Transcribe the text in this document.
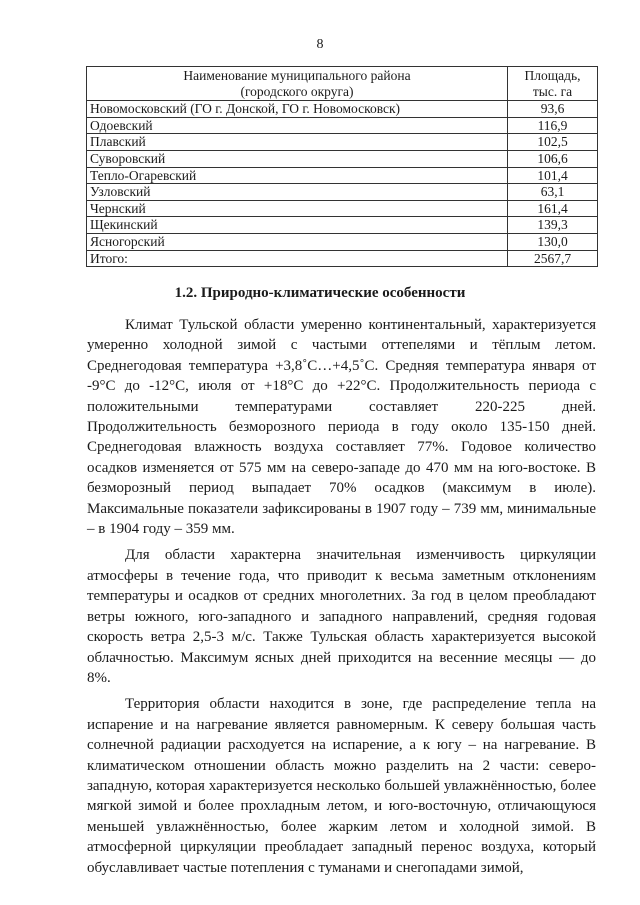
8
Наименование муниципального района
(городского округа)	Площадь,
тыс. га

Новомосковский (ГО г. Донской, ГО г. Новомосковск)	93,6
Одоевский	116,9
Плавский	102,5
Суворовский	106,6
Тепло-Огаревский	101,4
Узловский	63,1
Чернский	161,4
Щекинский	139,3
Ясногорский	130,0
Итого:	2567,7
1.2. Природно-климатические особенности

Климат Тульской области умеренно континентальный, характеризуется умеренно холодной зимой с частыми оттепелями и тёплым летом. Среднегодовая температура +3,8˚С…+4,5˚С. Средняя температура января от -9°С до -12°С, июля от +18°С до +22°С. Продолжительность периода с положительными температурами составляет 220-225 дней. Продолжительность безморозного периода в году около 135-150 дней. Среднегодовая влажность воздуха составляет 77%. Годовое количество осадков изменяется от 575 мм на северо-западе до 470 мм на юго-востоке. В безморозный период выпадает 70% осадков (максимум в июле). Максимальные показатели зафиксированы в 1907 году – 739 мм, минимальные – в 1904 году – 359 мм.

Для области характерна значительная изменчивость циркуляции атмосферы в течение года, что приводит к весьма заметным отклонениям температуры и осадков от средних многолетних. За год в целом преобладают ветры южного, юго-западного и западного направлений, средняя годовая скорость ветра 2,5-3 м/с. Также Тульская область характеризуется высокой облачностью. Максимум ясных дней приходится на весенние месяцы — до 8%.

Территория области находится в зоне, где распределение тепла на испарение и на нагревание является равномерным. К северу большая часть солнечной радиации расходуется на испарение, а к югу – на нагревание. В климатическом отношении область можно разделить на 2 части: северо-западную, которая характеризуется несколько большей увлажнённостью, более мягкой зимой и более прохладным летом, и юго-восточную, отличающуюся меньшей увлажнённостью, более жарким летом и холодной зимой. В атмосферной циркуляции преобладает западный перенос воздуха, который обуславливает частые потепления с туманами и снегопадами зимой,
